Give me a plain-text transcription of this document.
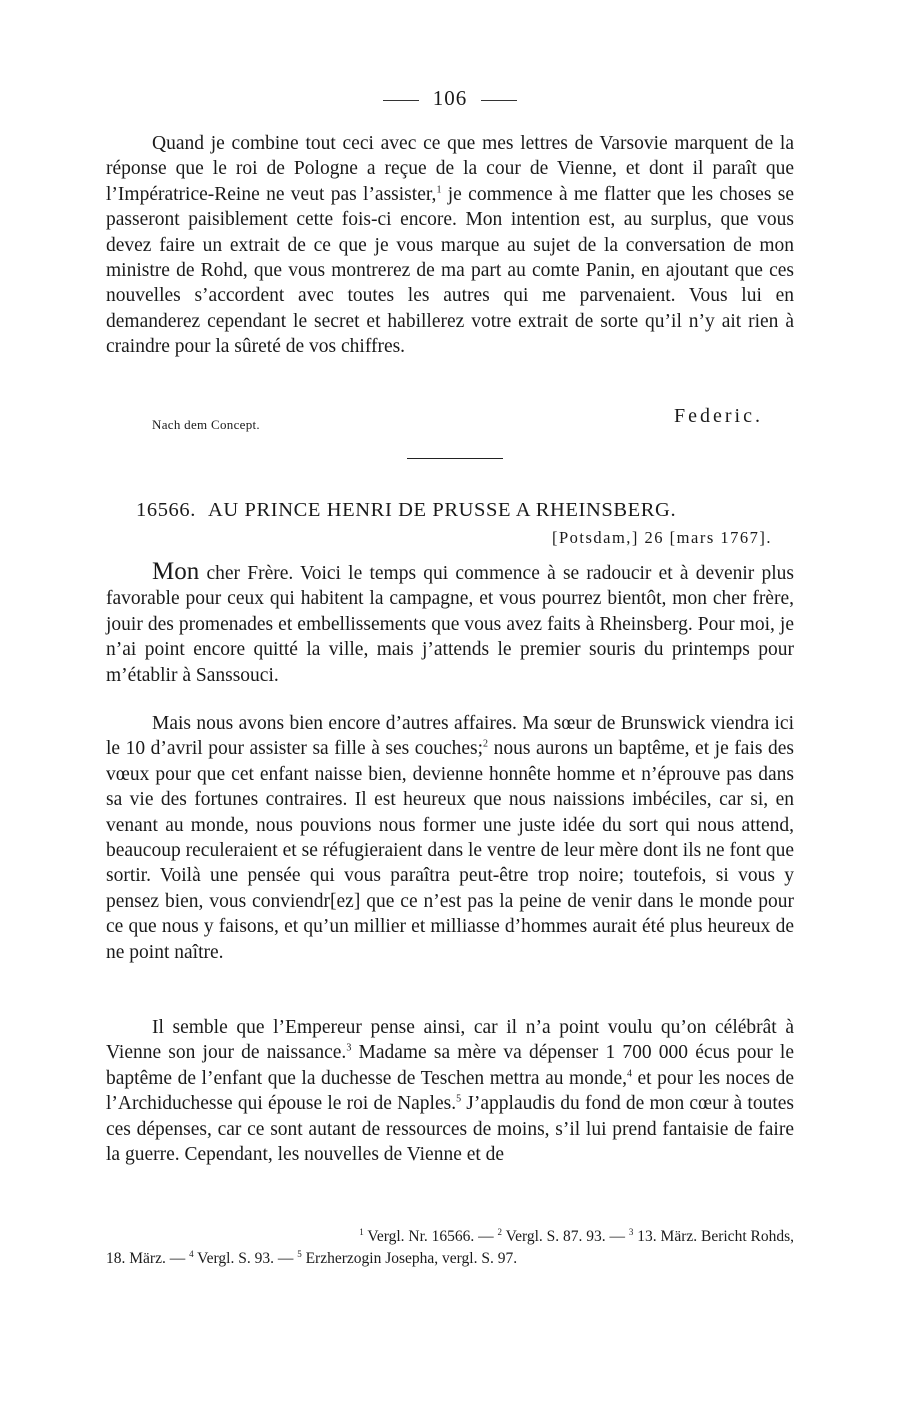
106
Quand je combine tout ceci avec ce que mes lettres de Varsovie marquent de la réponse que le roi de Pologne a reçue de la cour de Vienne, et dont il paraît que l’Impératrice-Reine ne veut pas l’assister,$^1$ je commence à me flatter que les choses se passeront paisiblement cette fois-ci encore. Mon intention est, au surplus, que vous devez faire un extrait de ce que je vous marque au sujet de la conversation de mon ministre de Rohd, que vous montrerez de ma part au comte Panin, en ajoutant que ces nouvelles s’accordent avec toutes les autres qui me parvenaient. Vous lui en demanderez cependant le secret et habillerez votre extrait de sorte qu’il n’y ait rien à craindre pour la sûreté de vos chiffres.
Nach dem Concept.	Federic.
16566. AU PRINCE HENRI DE PRUSSE A RHEINSBERG.
[Potsdam,] 26 [mars 1767].
Mon cher Frère. Voici le temps qui commence à se radoucir et à devenir plus favorable pour ceux qui habitent la campagne, et vous pourrez bientôt, mon cher frère, jouir des promenades et embellissements que vous avez faits à Rheinsberg. Pour moi, je n’ai point encore quitté la ville, mais j’attends le premier souris du printemps pour m’établir à Sanssouci.
Mais nous avons bien encore d’autres affaires. Ma sœur de Brunswick viendra ici le 10 d’avril pour assister sa fille à ses couches;$^2$ nous aurons un baptême, et je fais des vœux pour que cet enfant naisse bien, devienne honnête homme et n’éprouve pas dans sa vie des fortunes contraires. Il est heureux que nous naissions imbéciles, car si, en venant au monde, nous pouvions nous former une juste idée du sort qui nous attend, beaucoup reculeraient et se réfugieraient dans le ventre de leur mère dont ils ne font que sortir. Voilà une pensée qui vous paraîtra peut-être trop noire; toutefois, si vous y pensez bien, vous conviendr[ez] que ce n’est pas la peine de venir dans le monde pour ce que nous y faisons, et qu’un millier et milliasse d’hommes aurait été plus heureux de ne point naître.
Il semble que l’Empereur pense ainsi, car il n’a point voulu qu’on célébrât à Vienne son jour de naissance.$^3$ Madame sa mère va dépenser 1 700 000 écus pour le baptême de l’enfant que la duchesse de Teschen mettra au monde,$^4$ et pour les noces de l’Archiduchesse qui épouse le roi de Naples.$^5$ J’applaudis du fond de mon cœur à toutes ces dépenses, car ce sont autant de ressources de moins, s’il lui prend fantaisie de faire la guerre. Cependant, les nouvelles de Vienne et de
$^1$ Vergl. Nr. 16566. — $^2$ Vergl. S. 87. 93. — $^3$ 13. März. Bericht Rohds,
18. März. — $^4$ Vergl. S. 93. — $^5$ Erzherzogin Josepha, vergl. S. 97.
